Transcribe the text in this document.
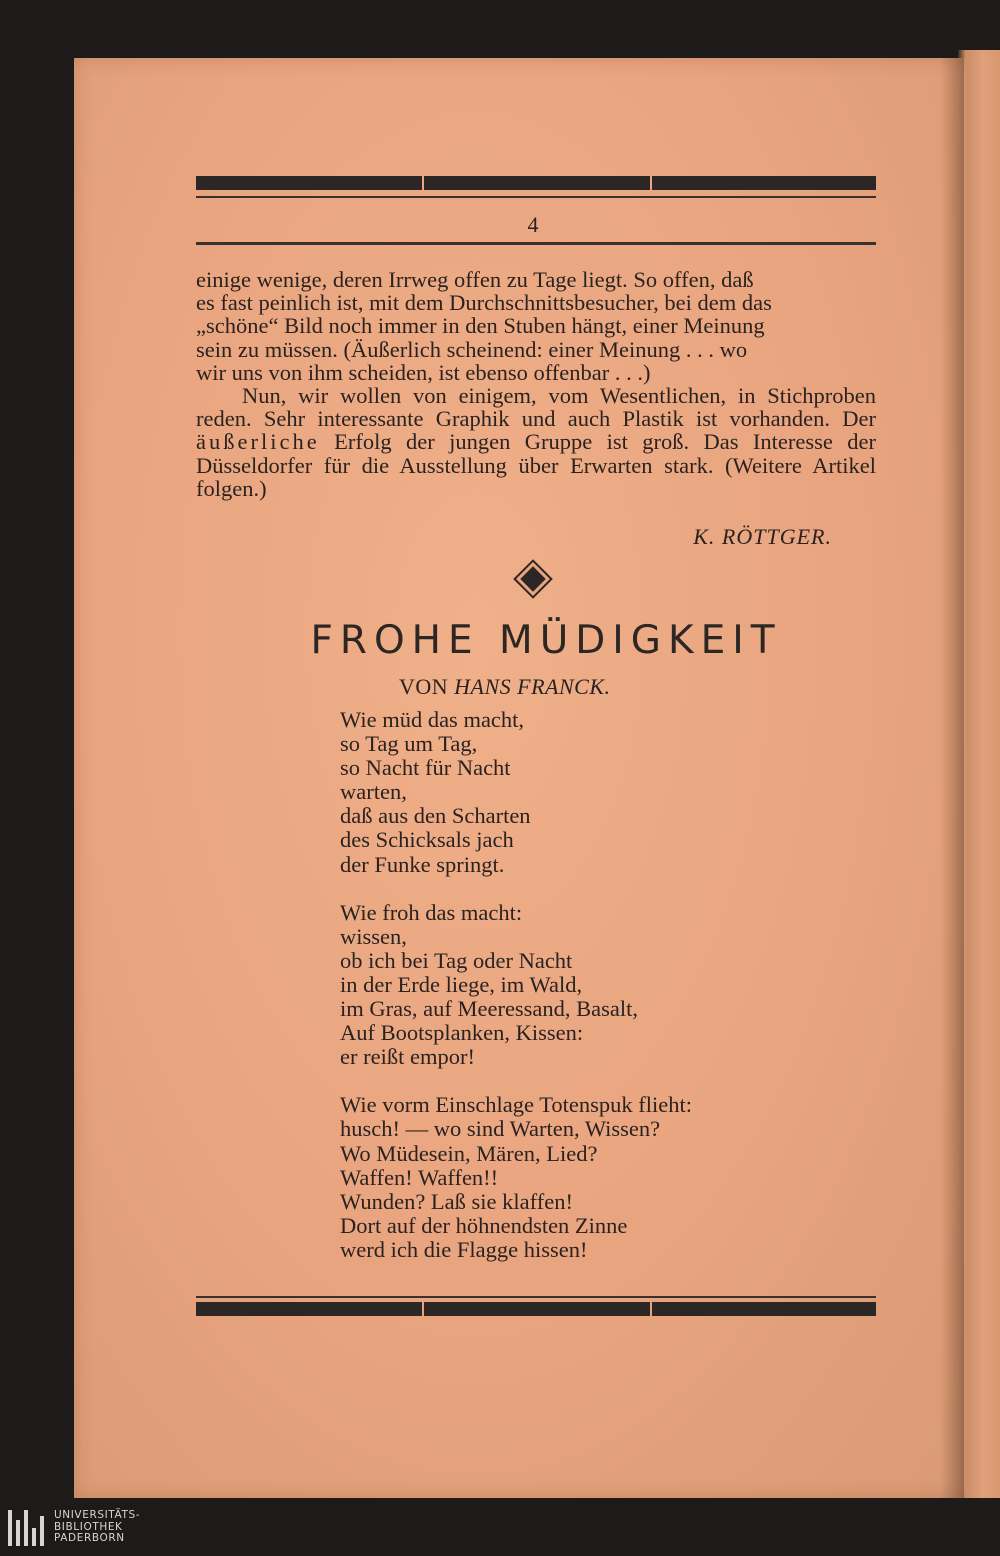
4

einige wenige, deren Irrweg offen zu Tage liegt. So offen, daß
es fast peinlich ist, mit dem Durchschnittsbesucher, bei dem das
„schöne“ Bild noch immer in den Stuben hängt, einer Meinung
sein zu müssen. (Äußerlich scheinend: einer Meinung . . . wo
wir uns von ihm scheiden, ist ebenso offenbar . . .)

Nun, wir wollen von einigem, vom Wesentlichen, in Stichproben reden. Sehr interessante Graphik und auch Plastik ist vorhanden. Der äußerliche Erfolg der jungen Gruppe ist groß. Das Interesse der Düsseldorfer für die Ausstellung über Erwarten stark. (Weitere Artikel folgen.)

K. RÖTTGER.
FROHE MÜDIGKEIT
VON HANS FRANCK.
Wie müd das macht,
so Tag um Tag,
so Nacht für Nacht
warten,
daß aus den Scharten
des Schicksals jach
der Funke springt.
Wie froh das macht:
wissen,
ob ich bei Tag oder Nacht
in der Erde liege, im Wald,
im Gras, auf Meeressand, Basalt,
Auf Bootsplanken, Kissen:
er reißt empor!
Wie vorm Einschlage Totenspuk flieht:
husch! — wo sind Warten, Wissen?
Wo Müdesein, Mären, Lied?
Waffen! Waffen!!
Wunden? Laß sie klaffen!
Dort auf der höhnendsten Zinne
werd ich die Flagge hissen!
UNIVERSITÄTS-
BIBLIOTHEK
PADERBORN
